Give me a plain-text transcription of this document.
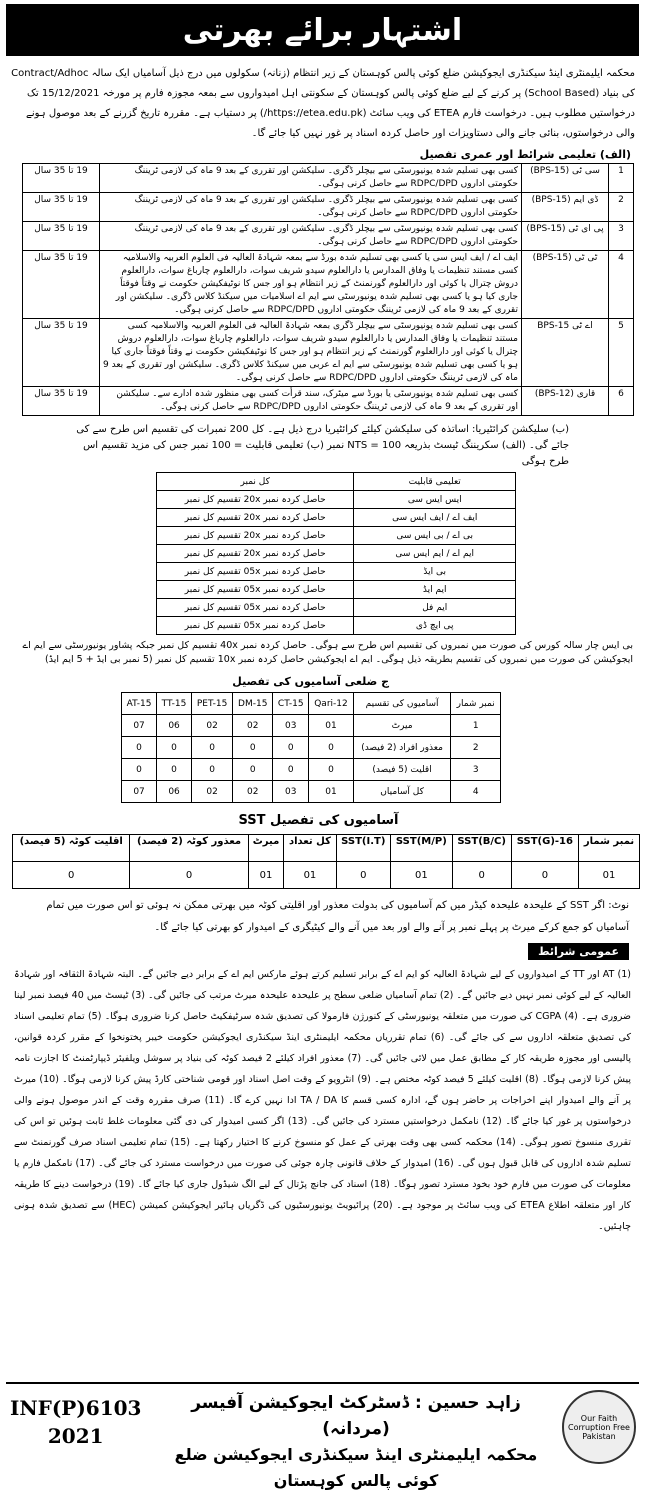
اشتہار برائے بھرتی
محکمہ ایلیمنٹری اینڈ سیکنڈری ایجوکیشن ضلع کوئی پالس کوہستان کے زیر انتظام (زنانہ) سکولوں میں درج ذیل آسامیاں ایک سالہ Contract/Adhoc کی بنیاد (School Based) پر کرنے کے لیے ضلع کوئی پالس کوہستان کے سکونتی اہل امیدواروں سے بمعہ مجوزہ فارم پر مورخہ 15/12/2021 تک درخواستیں مطلوب ہیں۔ درخواست فارم ETEA کی ویب سائٹ (https://etea.edu.pk/) پر دستیاب ہے۔ مقررہ تاریخ گزرنے کے بعد موصول ہونے والی درخواستوں، بنائی جانے والی دستاویزات اور حاصل کردہ اسناد پر غور نہیں کیا جائے گا۔
(الف) تعلیمی شرائط اور عمری تفصیل
1	سی ٹی (BPS-15)	کسی بھی تسلیم شدہ یونیورسٹی سے بیچلر ڈگری۔ سلیکشن اور تقرری کے بعد 9 ماہ کی لازمی ٹریننگ حکومتی اداروں RDPC/DPD سے حاصل کرنی ہوگی۔	19 تا 35 سال
2	ڈی ایم (BPS-15)	کسی بھی تسلیم شدہ یونیورسٹی سے بیچلر ڈگری۔ سلیکشن اور تقرری کے بعد 9 ماہ کی لازمی ٹریننگ حکومتی اداروں RDPC/DPD سے حاصل کرنی ہوگی۔	19 تا 35 سال
3	پی ای ٹی (BPS-15)	کسی بھی تسلیم شدہ یونیورسٹی سے بیچلر ڈگری۔ سلیکشن اور تقرری کے بعد 9 ماہ کی لازمی ٹریننگ حکومتی اداروں RDPC/DPD سے حاصل کرنی ہوگی۔	19 تا 35 سال
4	ٹی ٹی (BPS-15)	ایف اے / ایف ایس سی یا کسی بھی تسلیم شدہ بورڈ سے بمعہ شہادۃ العالیہ فی العلوم العربیہ والاسلامیہ کسی مستند تنظیمات یا وفاق المدارس یا دارالعلوم سیدو شریف سوات، دارالعلوم چارباغ سوات، دارالعلوم دروش چترال یا کوئی اور دارالعلوم گورنمنٹ کے زیر انتظام ہو اور جس کا نوٹیفکیشن حکومت نے وقتاً فوقتاً جاری کیا ہو یا کسی بھی تسلیم شدہ یونیورسٹی سے ایم اے اسلامیات میں سیکنڈ کلاس ڈگری۔ سلیکشن اور تقرری کے بعد 9 ماہ کی لازمی ٹریننگ حکومتی اداروں RDPC/DPD سے حاصل کرنی ہوگی۔	19 تا 35 سال
5	اے ٹی BPS-15	کسی بھی تسلیم شدہ یونیورسٹی سے بیچلر ڈگری بمعہ شہادۃ العالیہ فی العلوم العربیہ والاسلامیہ کسی مستند تنظیمات یا وفاق المدارس یا دارالعلوم سیدو شریف سوات، دارالعلوم چارباغ سوات، دارالعلوم دروش چترال یا کوئی اور دارالعلوم گورنمنٹ کے زیر انتظام ہو اور جس کا نوٹیفکیشن حکومت نے وقتاً فوقتاً جاری کیا ہو یا کسی بھی تسلیم شدہ یونیورسٹی سے ایم اے عربی میں سیکنڈ کلاس ڈگری۔ سلیکشن اور تقرری کے بعد 9 ماہ کی لازمی ٹریننگ حکومتی اداروں RDPC/DPD سے حاصل کرنی ہوگی۔	19 تا 35 سال
6	قاری (BPS-12)	کسی بھی تسلیم شدہ یونیورسٹی یا بورڈ سے میٹرک، سند قرأت کسی بھی منظور شدہ ادارے سے۔ سلیکشن اور تقرری کے بعد 9 ماہ کی لازمی ٹریننگ حکومتی اداروں RDPC/DPD سے حاصل کرنی ہوگی۔	19 تا 35 سال
(ب) سلیکشن کرائٹیریا: اساتذہ کی سلیکشن کیلئے کرائٹیریا درج ذیل ہے۔ کل 200 نمبرات کی تقسیم اس طرح سے کی جائے گی۔ (الف) سکریننگ ٹیسٹ بذریعہ NTS = 100 نمبر (ب) تعلیمی قابلیت = 100 نمبر جس کی مزید تقسیم اس طرح ہوگی
تعلیمی قابلیت	کل نمبر
ایس ایس سی	حاصل کردہ نمبر 20x تقسیم کل نمبر
ایف اے / ایف ایس سی	حاصل کردہ نمبر 20x تقسیم کل نمبر
بی اے / بی ایس سی	حاصل کردہ نمبر 20x تقسیم کل نمبر
ایم اے / ایم ایس سی	حاصل کردہ نمبر 20x تقسیم کل نمبر
بی ایڈ	حاصل کردہ نمبر 05x تقسیم کل نمبر
ایم ایڈ	حاصل کردہ نمبر 05x تقسیم کل نمبر
ایم فل	حاصل کردہ نمبر 05x تقسیم کل نمبر
پی ایچ ڈی	حاصل کردہ نمبر 05x تقسیم کل نمبر
بی ایس چار سالہ کورس کی صورت میں نمبروں کی تقسیم اس طرح سے ہوگی۔ حاصل کردہ نمبر 40x تقسیم کل نمبر جبکہ پشاور یونیورسٹی سے ایم اے ایجوکیشن کی صورت میں نمبروں کی تقسیم بطریقہ ذیل ہوگی۔ ایم اے ایجوکیشن حاصل کردہ نمبر 10x تقسیم کل نمبر (5 نمبر بی ایڈ + 5 ایم ایڈ)
ج ضلعی آسامیوں کی تفصیل
نمبر شمار	آسامیوں کی تقسیم	Qari-12	CT-15	DM-15	PET-15	TT-15	AT-15
1	میرٹ	01	03	02	02	06	07
2	معذور افراد (2 فیصد)	0	0	0	0	0	0
3	اقلیت (5 فیصد)	0	0	0	0	0	0
4	کل آسامیاں	01	03	02	02	06	07
SST آسامیوں کی تفصیل
نمبر شمار	SST(G)-16	SST(B/C)	SST(M/P)	SST(I.T)	کل تعداد	میرٹ	معذور کوٹہ (2 فیصد)	اقلیت کوٹہ (5 فیصد)
01	0	0	01	0	01	01	0	0
نوٹ: اگر SST کے علیحدہ علیحدہ کیڈر میں کم آسامیوں کی بدولت معذور اور اقلیتی کوٹہ میں بھرتی ممکن نہ ہوئی تو اس صورت میں تمام آسامیاں کو جمع کرکے میرٹ پر پہلے نمبر پر آنے والے اور بعد میں آنے والے کیٹیگری کے امیدوار کو بھرتی کیا جائے گا۔
عمومی شرائط
(1) AT اور TT کے امیدواروں کے لیے شہادۃ العالیہ کو ایم اے کے برابر تسلیم کرتے ہوئے مارکس ایم اے کے برابر دیے جائیں گے۔ البتہ شہادۃ الثقافہ اور شہادۃ العالیہ کے لیے کوئی نمبر نہیں دیے جائیں گے۔ (2) تمام آسامیاں ضلعی سطح پر علیحدہ علیحدہ میرٹ مرتب کی جائیں گی۔ (3) ٹیسٹ میں 40 فیصد نمبر لینا ضروری ہے۔ (4) CGPA کی صورت میں متعلقہ یونیورسٹی کے کنورژن فارمولا کی تصدیق شدہ سرٹیفکیٹ حاصل کرنا ضروری ہوگا۔ (5) تمام تعلیمی اسناد کی تصدیق متعلقہ اداروں سے کی جائے گی۔ (6) تمام تقرریاں محکمہ ایلیمنٹری اینڈ سیکنڈری ایجوکیشن حکومت خیبر پختونخوا کے مقرر کردہ قوانین، پالیسی اور مجوزہ طریقہ کار کے مطابق عمل میں لائی جائیں گی۔ (7) معذور افراد کیلئے 2 فیصد کوٹہ کی بنیاد پر سوشل ویلفیئر ڈیپارٹمنٹ کا اجازت نامہ پیش کرنا لازمی ہوگا۔ (8) اقلیت کیلئے 5 فیصد کوٹہ مختص ہے۔ (9) انٹرویو کے وقت اصل اسناد اور قومی شناختی کارڈ پیش کرنا لازمی ہوگا۔ (10) میرٹ پر آنے والے امیدوار اپنے اخراجات پر حاضر ہوں گے، ادارہ کسی قسم کا TA / DA ادا نہیں کرے گا۔ (11) صرف مقررہ وقت کے اندر موصول ہونے والی درخواستوں پر غور کیا جائے گا۔ (12) نامکمل درخواستیں مسترد کی جائیں گی۔ (13) اگر کسی امیدوار کی دی گئی معلومات غلط ثابت ہوئیں تو اس کی تقرری منسوخ تصور ہوگی۔ (14) محکمہ کسی بھی وقت بھرتی کے عمل کو منسوخ کرنے کا اختیار رکھتا ہے۔ (15) تمام تعلیمی اسناد صرف گورنمنٹ سے تسلیم شدہ اداروں کی قابل قبول ہوں گی۔ (16) امیدوار کے خلاف قانونی چارہ جوئی کی صورت میں درخواست مسترد کی جائے گی۔ (17) نامکمل فارم یا معلومات کی صورت میں فارم خود بخود مسترد تصور ہوگا۔ (18) اسناد کی جانچ پڑتال کے لیے الگ شیڈول جاری کیا جائے گا۔ (19) درخواست دینے کا طریقہ کار اور متعلقہ اطلاع ETEA کی ویب سائٹ پر موجود ہے۔ (20) پرائیویٹ یونیورسٹیوں کی ڈگریاں ہائیر ایجوکیشن کمیشن (HEC) سے تصدیق شدہ ہونی چاہئیں۔
INF(P)6103
2021
زاہد حسین : ڈسٹرکٹ ایجوکیشن آفیسر (مردانہ)
محکمہ ایلیمنٹری اینڈ سیکنڈری ایجوکیشن ضلع کوئی پالس کوہستان
Our Faith Corruption Free Pakistan
